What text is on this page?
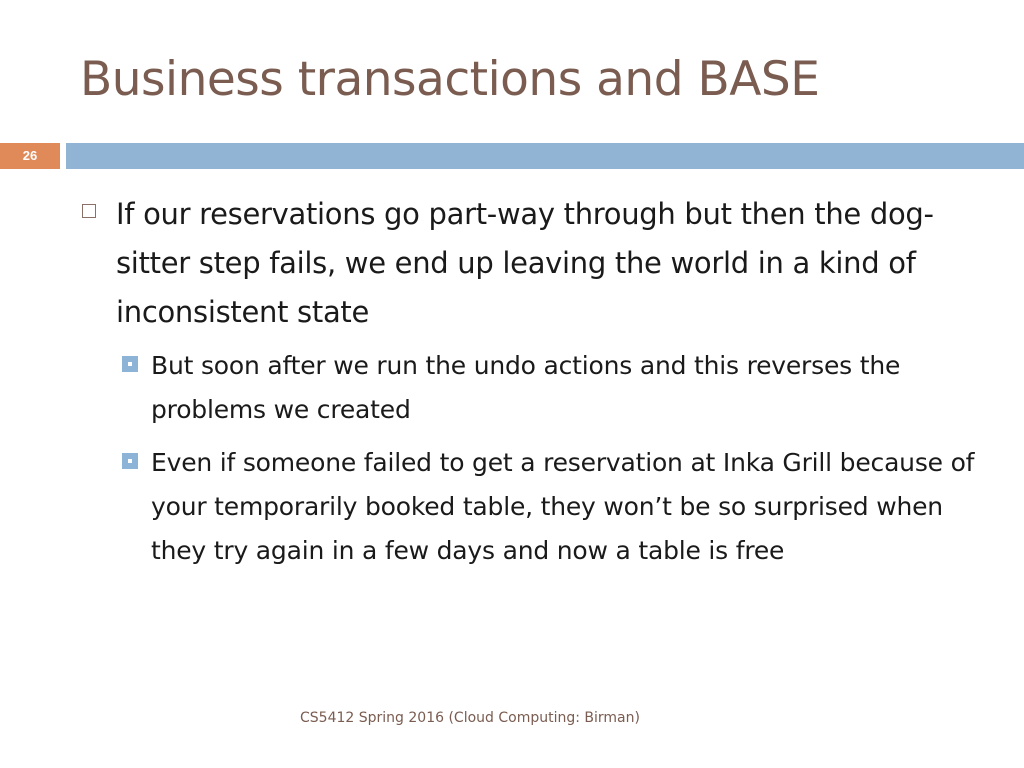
Business transactions and BASE
26
If our reservations go part-way through but then the dog-sitter step fails, we end up leaving the world in a kind of inconsistent state
But soon after we run the undo actions and this reverses the problems we created
Even if someone failed to get a reservation at Inka Grill because of your temporarily booked table, they won’t be so surprised when they try again in a few days and now a table is free
CS5412 Spring 2016 (Cloud Computing: Birman)
